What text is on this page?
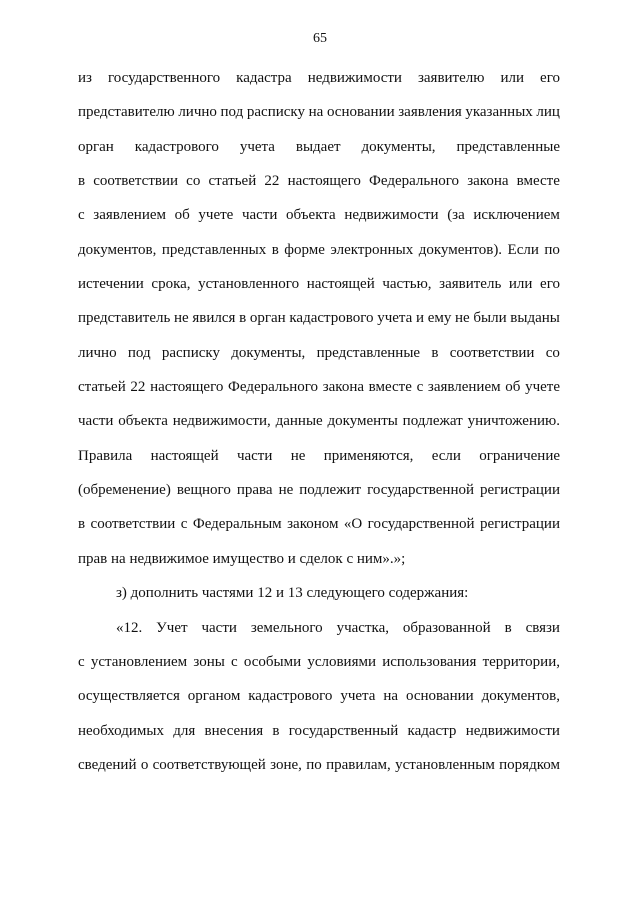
65
из государственного кадастра недвижимости заявителю или его
представителю лично под расписку на основании заявления указанных лиц
орган кадастрового учета выдает документы, представленные
в соответствии со статьей 22 настоящего Федерального закона вместе
с заявлением об учете части объекта недвижимости (за исключением
документов, представленных в форме электронных документов). Если по
истечении срока, установленного настоящей частью, заявитель или его
представитель не явился в орган кадастрового учета и ему не были выданы
лично под расписку документы, представленные в соответствии со
статьей 22 настоящего Федерального закона вместе с заявлением об учете
части объекта недвижимости, данные документы подлежат уничтожению.
Правила настоящей части не применяются, если ограничение
(обременение) вещного права не подлежит государственной регистрации
в соответствии с Федеральным законом «О государственной регистрации
прав на недвижимое имущество и сделок с ним».»;
з) дополнить частями 12 и 13 следующего содержания:
«12. Учет части земельного участка, образованной в связи
с установлением зоны с особыми условиями использования территории,
осуществляется органом кадастрового учета на основании документов,
необходимых для внесения в государственный кадастр недвижимости
сведений о соответствующей зоне, по правилам, установленным порядком
